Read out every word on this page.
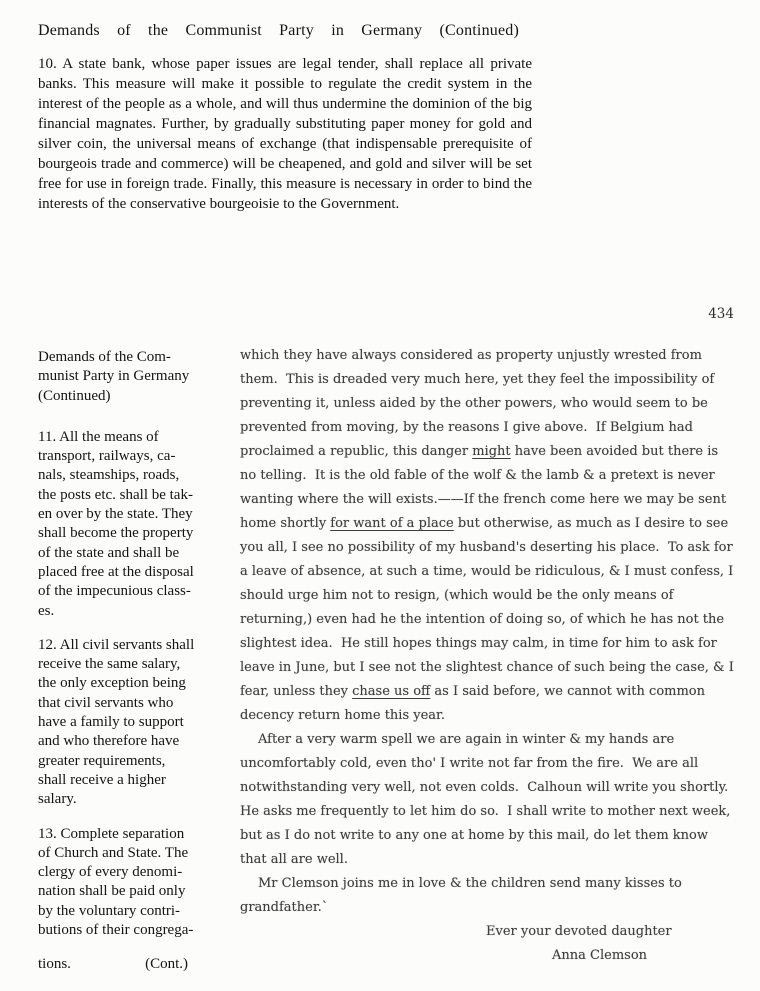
Demands of the Communist Party in Germany (Continued)
10. A state bank, whose paper issues are legal tender, shall replace all private banks. This measure will make it possible to regulate the credit system in the interest of the people as a whole, and will thus undermine the dominion of the big financial magnates. Further, by gradually substituting paper money for gold and silver coin, the universal means of exchange (that indispensable prerequisite of bourgeois trade and commerce) will be cheapened, and gold and silver will be set free for use in foreign trade. Finally, this measure is necessary in order to bind the interests of the conservative bourgeoisie to the Government.
434
Demands of the Com-
munist Party in Germany
(Continued)
11. All the means of
transport, railways, ca-
nals, steamships, roads,
the posts etc. shall be tak-
en over by the state. They
shall become the property
of the state and shall be
placed free at the disposal
of the impecunious class-
es.
12. All civil servants shall
receive the same salary,
the only exception being
that civil servants who
have a family to support
and who therefore have
greater requirements,
shall receive a higher
salary.
13. Complete separation
of Church and State. The
clergy of every denomi-
nation shall be paid only
by the voluntary contri-
butions of their congrega-
tions.	(Cont.)
which they have always considered as property unjustly wrested from
them.  This is dreaded very much here, yet they feel the impossibility of
preventing it, unless aided by the other powers, who would seem to be
prevented from moving, by the reasons I give above.  If Belgium had
proclaimed a republic, this danger might have been avoided but there is
no telling.  It is the old fable of the wolf & the lamb & a pretext is never
wanting where the will exists.——If the french come here we may be sent
home shortly for want of a place but otherwise, as much as I desire to see
you all, I see no possibility of my husband's deserting his place.  To ask for
a leave of absence, at such a time, would be ridiculous, & I must confess, I
should urge him not to resign, (which would be the only means of
returning,) even had he the intention of doing so, of which he has not the
slightest idea.  He still hopes things may calm, in time for him to ask for
leave in June, but I see not the slightest chance of such being the case, & I
fear, unless they chase us off as I said before, we cannot with common
decency return home this year.
After a very warm spell we are again in winter & my hands are
uncomfortably cold, even tho' I write not far from the fire.  We are all
notwithstanding very well, not even colds.  Calhoun will write you shortly.
He asks me frequently to let him do so.  I shall write to mother next week,
but as I do not write to any one at home by this mail, do let them know
that all are well.
Mr Clemson joins me in love & the children send many kisses to
grandfather.`
Ever your devoted daughter
Anna Clemson
